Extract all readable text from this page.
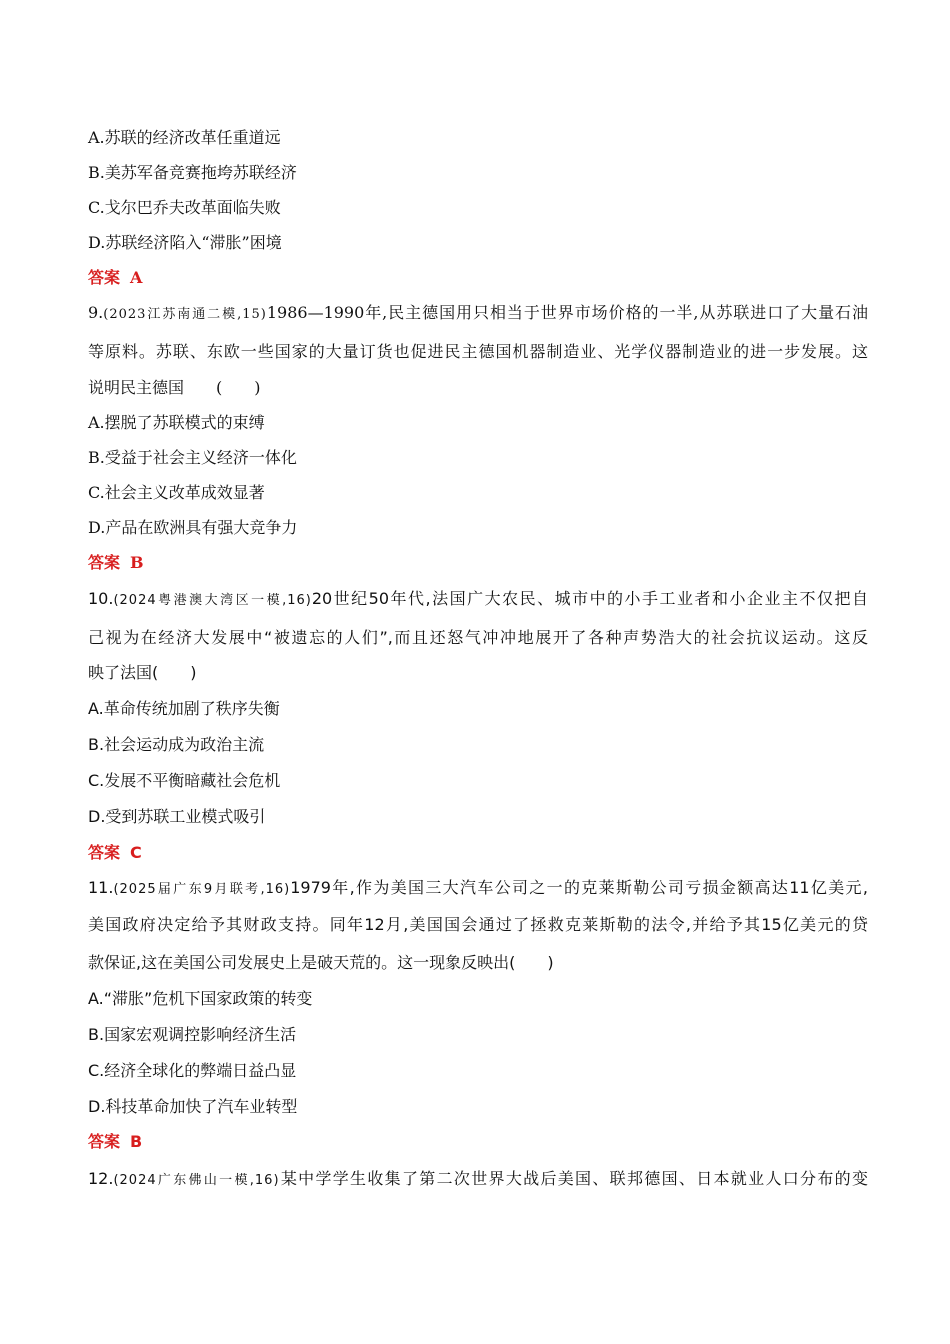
A.苏联的经济改革任重道远
B.美苏军备竞赛拖垮苏联经济
C.戈尔巴乔夫改革面临失败
D.苏联经济陷入“滞胀”困境
答案 A
9.(2023江苏南通二模,15)1986—1990年,民主德国用只相当于世界市场价格的一半,从苏联进口了大量石油
等原料。苏联、东欧一些国家的大量订货也促进民主德国机器制造业、光学仪器制造业的进一步发展。这
说明民主德国　　(　　)
A.摆脱了苏联模式的束缚
B.受益于社会主义经济一体化
C.社会主义改革成效显著
D.产品在欧洲具有强大竞争力
答案 B
10.(2024粤港澳大湾区一模,16)20世纪50年代,法国广大农民、城市中的小手工业者和小企业主不仅把自
己视为在经济大发展中“被遗忘的人们”,而且还怒气冲冲地展开了各种声势浩大的社会抗议运动。这反
映了法国(　　)
A.革命传统加剧了秩序失衡
B.社会运动成为政治主流
C.发展不平衡暗藏社会危机
D.受到苏联工业模式吸引
答案 C
11.(2025届广东9月联考,16)1979年,作为美国三大汽车公司之一的克莱斯勒公司亏损金额高达11亿美元,
美国政府决定给予其财政支持。同年12月,美国国会通过了拯救克莱斯勒的法令,并给予其15亿美元的贷
款保证,这在美国公司发展史上是破天荒的。这一现象反映出(　　)
A.“滞胀”危机下国家政策的转变
B.国家宏观调控影响经济生活
C.经济全球化的弊端日益凸显
D.科技革命加快了汽车业转型
答案 B
12.(2024广东佛山一模,16)某中学学生收集了第二次世界大战后美国、联邦德国、日本就业人口分布的变
